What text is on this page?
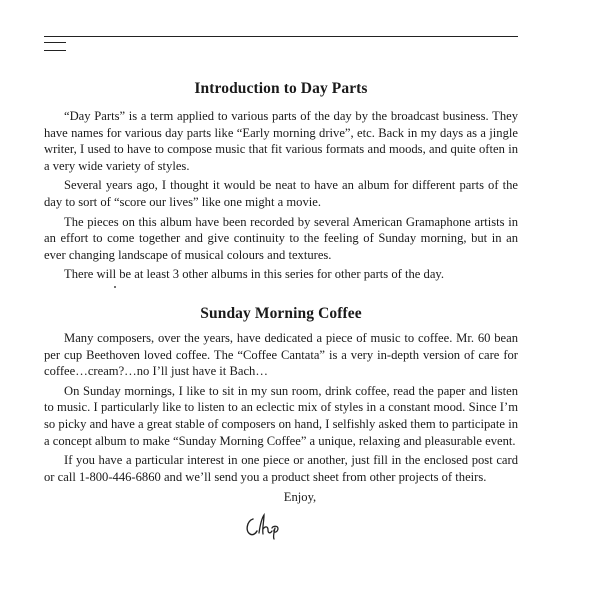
Introduction to Day Parts

“Day Parts” is a term applied to various parts of the day by the broadcast business. They have names for various day parts like “Early morning drive”, etc. Back in my days as a jingle writer, I used to have to compose music that fit various formats and moods, and quite often in a very wide variety of styles.

Several years ago, I thought it would be neat to have an album for different parts of the day to sort of “score our lives” like one might a movie.

The pieces on this album have been recorded by several American Gramaphone artists in an effort to come together and give continuity to the feeling of Sunday morning, but in an ever changing landscape of musical colours and textures.

There will be at least 3 other albums in this series for other parts of the day.

Sunday Morning Coffee

Many composers, over the years, have dedicated a piece of music to coffee. Mr. 60 bean per cup Beethoven loved coffee. The “Coffee Cantata” is a very in-depth version of care for coffee…cream?…no I’ll just have it Bach…

On Sunday mornings, I like to sit in my sun room, drink coffee, read the paper and listen to music. I particularly like to listen to an eclectic mix of styles in a constant mood. Since I’m so picky and have a great stable of composers on hand, I selfishly asked them to participate in a concept album to make “Sunday Morning Coffee” a unique, relaxing and pleasurable event.

If you have a particular interest in one piece or another, just fill in the enclosed post card or call 1-800-446-6860 and we’ll send you a product sheet from other projects of theirs.

Enjoy,
